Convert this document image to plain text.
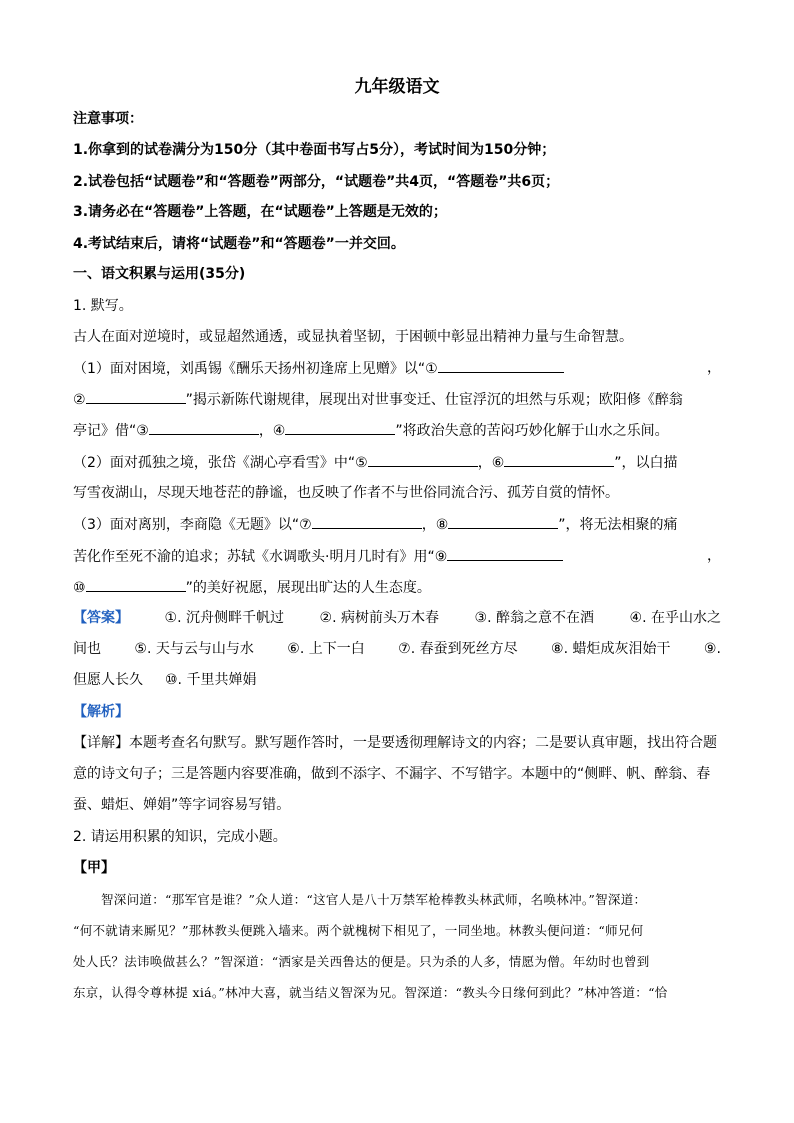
九年级语文
注意事项：
1.你拿到的试卷满分为150分（其中卷面书写占5分），考试时间为150分钟；
2.试卷包括“试题卷”和“答题卷”两部分，“试题卷”共4页，“答题卷”共6页；
3.请务必在“答题卷”上答题，在“试题卷”上答题是无效的；
4.考试结束后，请将“试题卷”和“答题卷”一并交回。
一、语文积累与运用(35分)
1. 默写。
古人在面对逆境时，或显超然通透，或显执着坚韧，于困顿中彰显出精神力量与生命智慧。
（1）面对困境，刘禹锡《酬乐天扬州初逢席上见赠》以“①	，
②	”揭示新陈代谢规律，展现出对世事变迁、仕宦浮沉的坦然与乐观；欧阳修《醉翁
亭记》借“③	，④	”将政治失意的苦闷巧妙化解于山水之乐间。
（2）面对孤独之境，张岱《湖心亭看雪》中“⑤	，⑥	”，以白描
写雪夜湖山，尽现天地苍茫的静谧，也反映了作者不与世俗同流合污、孤芳自赏的情怀。
（3）面对离别，李商隐《无题》以“⑦	，⑧	”，将无法相聚的痛
苦化作至死不渝的追求；苏轼《水调歌头·明月几时有》用“⑨	，
⑩	”的美好祝愿，展现出旷达的人生态度。
【答案】	①. 沉舟侧畔千帆过	②. 病树前头万木春	③. 醉翁之意不在酒	④. 在乎山水之
间也 ⑤. 天与云与山与水 ⑥. 上下一白 ⑦. 春蚕到死丝方尽 ⑧. 蜡炬成灰泪始干 ⑨.
但愿人长久 ⑩. 千里共婵娟
【解析】
【详解】本题考查名句默写。默写题作答时，一是要透彻理解诗文的内容；二是要认真审题，找出符合题
意的诗文句子；三是答题内容要准确，做到不添字、不漏字、不写错字。本题中的“侧畔、帆、醉翁、春
蚕、蜡炬、婵娟”等字词容易写错。
2. 请运用积累的知识，完成小题。
【甲】
智深问道：“那军官是谁？”众人道：“这官人是八十万禁军枪棒教头林武师，名唤林冲。”智深道：
“何不就请来厮见？”那林教头便跳入墙来。两个就槐树下相见了，一同坐地。林教头便问道：“师兄何
处人氏？法讳唤做甚么？”智深道：“洒家是关西鲁达的便是。只为杀的人多，情愿为僧。年幼时也曾到
东京，认得令尊林提 xiá。”林冲大喜，就当结义智深为兄。智深道：“教头今日缘何到此？”林冲答道：“恰
